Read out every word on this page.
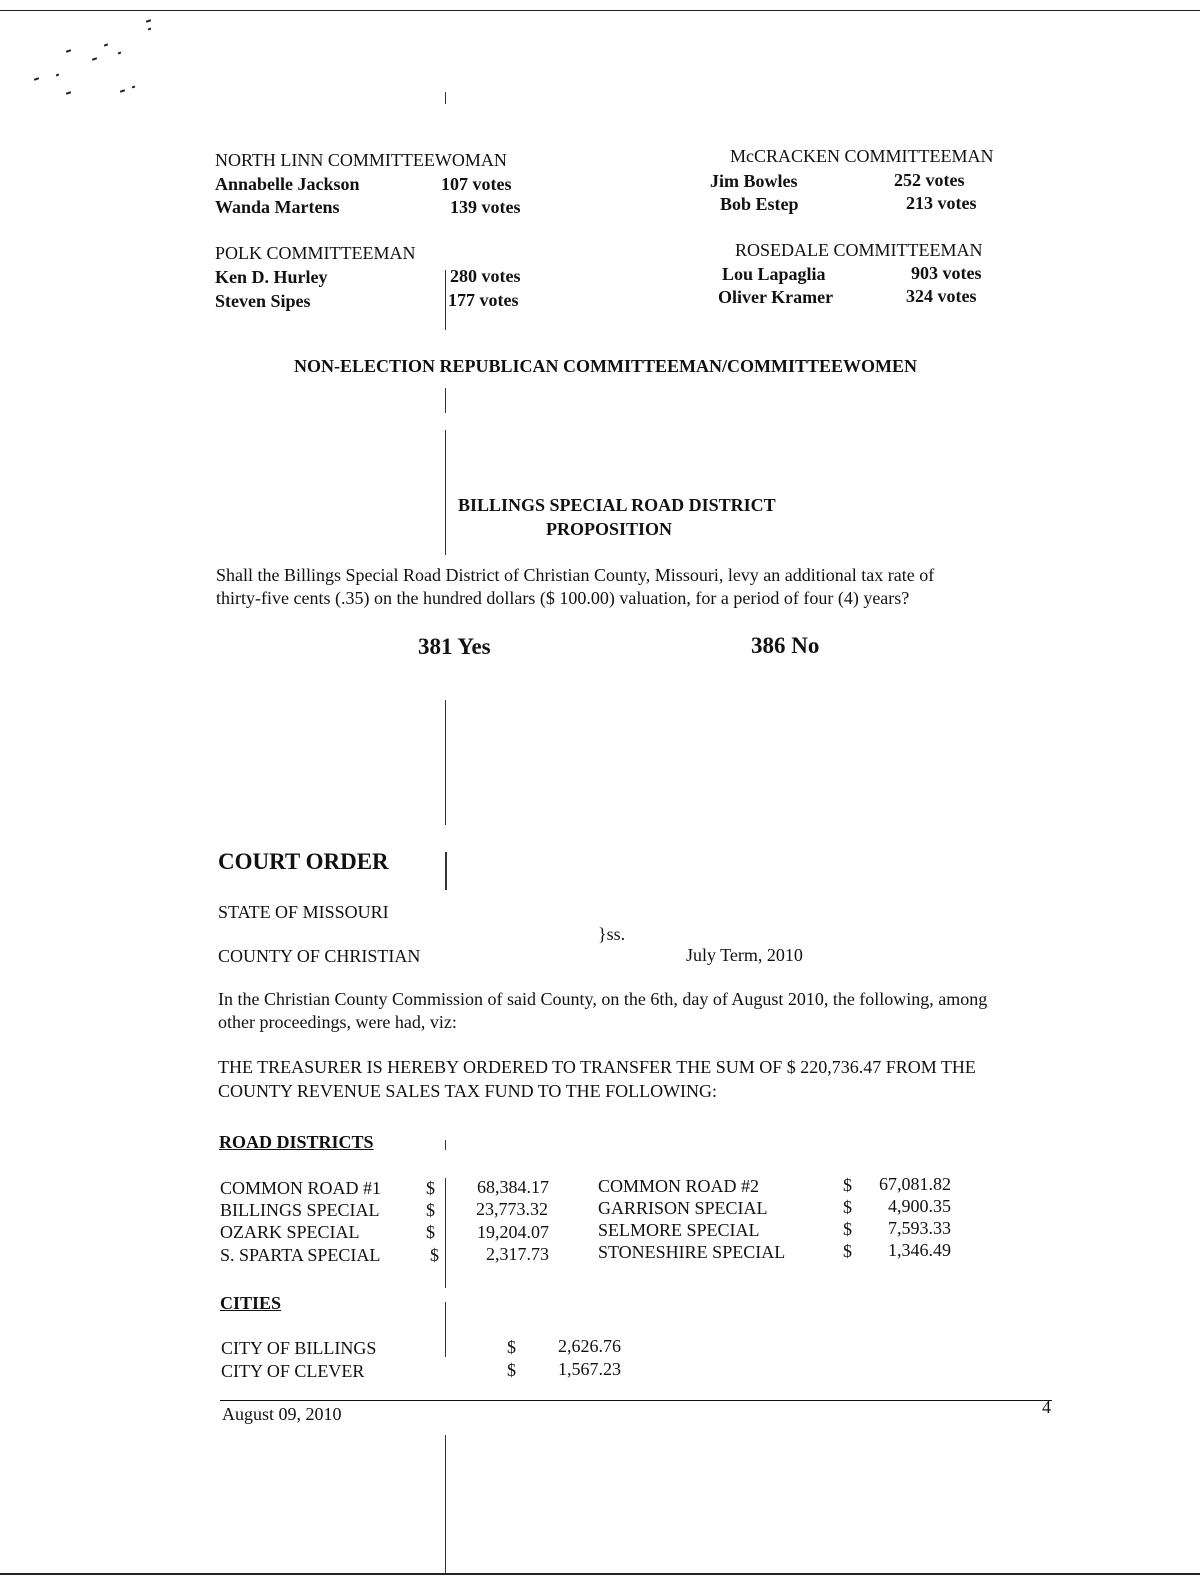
NORTH LINN COMMITTEEWOMAN
Annabelle Jackson	107 votes
Wanda Martens	139 votes
McCRACKEN COMMITTEEMAN
Jim Bowles	252 votes
Bob Estep	213 votes
POLK COMMITTEEMAN
Ken D. Hurley	280 votes
Steven Sipes	177 votes
ROSEDALE COMMITTEEMAN
Lou Lapaglia	903 votes
Oliver Kramer	324 votes
NON-ELECTION REPUBLICAN COMMITTEEMAN/COMMITTEEWOMEN
BILLINGS SPECIAL ROAD DISTRICT
PROPOSITION
Shall the Billings Special Road District of Christian County, Missouri, levy an additional tax rate of
thirty-five cents (.35) on the hundred dollars ($ 100.00) valuation, for a period of four (4) years?
381 Yes	386 No
COURT ORDER
STATE OF MISSOURI
}ss.
COUNTY OF CHRISTIAN	July Term, 2010
In the Christian County Commission of said County, on the 6th, day of August 2010, the following, among
other proceedings, were had, viz:
THE TREASURER IS HEREBY ORDERED TO TRANSFER THE SUM OF $ 220,736.47 FROM THE
COUNTY REVENUE SALES TAX FUND TO THE FOLLOWING:
ROAD DISTRICTS
COMMON ROAD #1 $	68,384.17
BILLINGS SPECIAL	$	23,773.32
OZARK SPECIAL	$	19,204.07
S. SPARTA SPECIAL	$	2,317.73
COMMON ROAD #2	$	67,081.82
GARRISON SPECIAL	$	4,900.35
SELMORE SPECIAL	$	7,593.33
STONESHIRE SPECIAL	$	1,346.49
CITIES
CITY OF BILLINGS	$	2,626.76
CITY OF CLEVER	$	1,567.23
August 09, 2010	4
